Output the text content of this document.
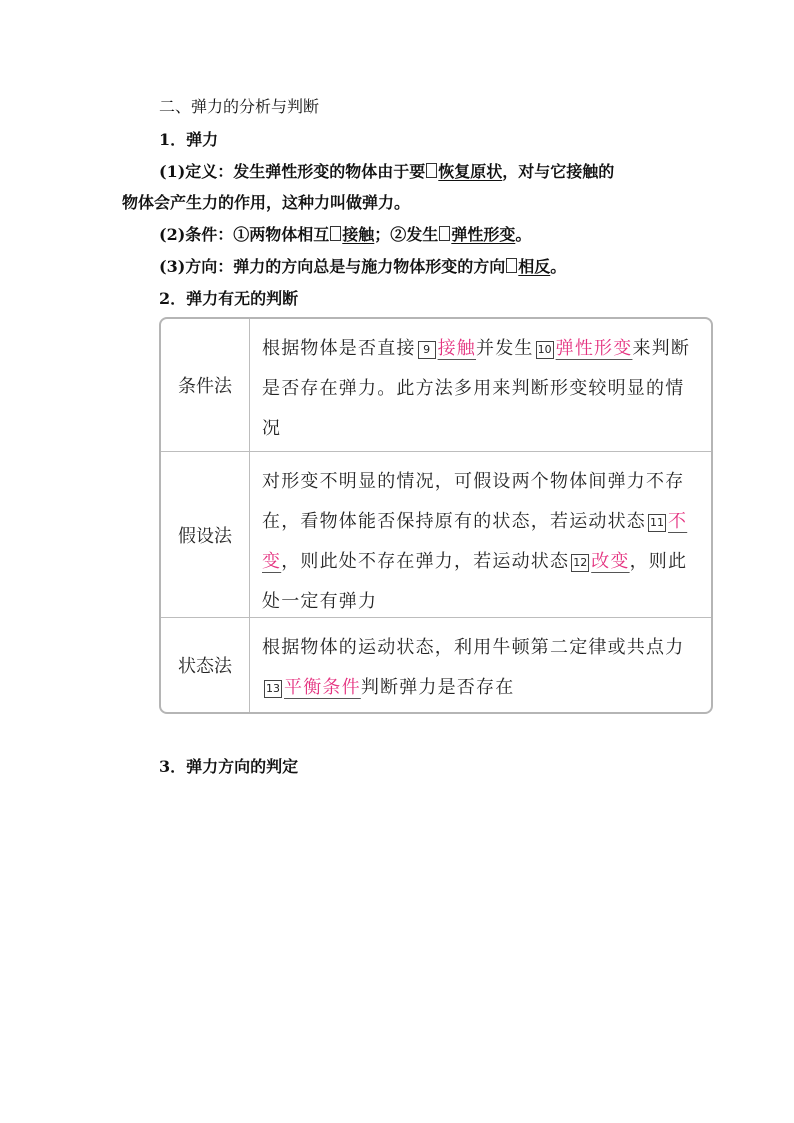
二、弹力的分析与判断
1．弹力
(1)定义：发生弹性形变的物体由于要 恢复原状，对与它接触的
物体会产生力的作用，这种力叫做弹力。
(2)条件：①两物体相互 接触；②发生 弹性形变。
(3)方向：弹力的方向总是与施力物体形变的方向 相反。
2．弹力有无的判断
条件法
根据物体是否直接 9 接触并发生 10 弹性形变来判断是否存在弹力。此方法多用来判断形变较明显的情况
假设法
对形变不明显的情况，可假设两个物体间弹力不存在，看物体能否保持原有的状态，若运动状态 11 不变，则此处不存在弹力，若运动状态 12 改变，则此处一定有弹力
状态法
根据物体的运动状态，利用牛顿第二定律或共点力13 平衡条件判断弹力是否存在
3．弹力方向的判定
